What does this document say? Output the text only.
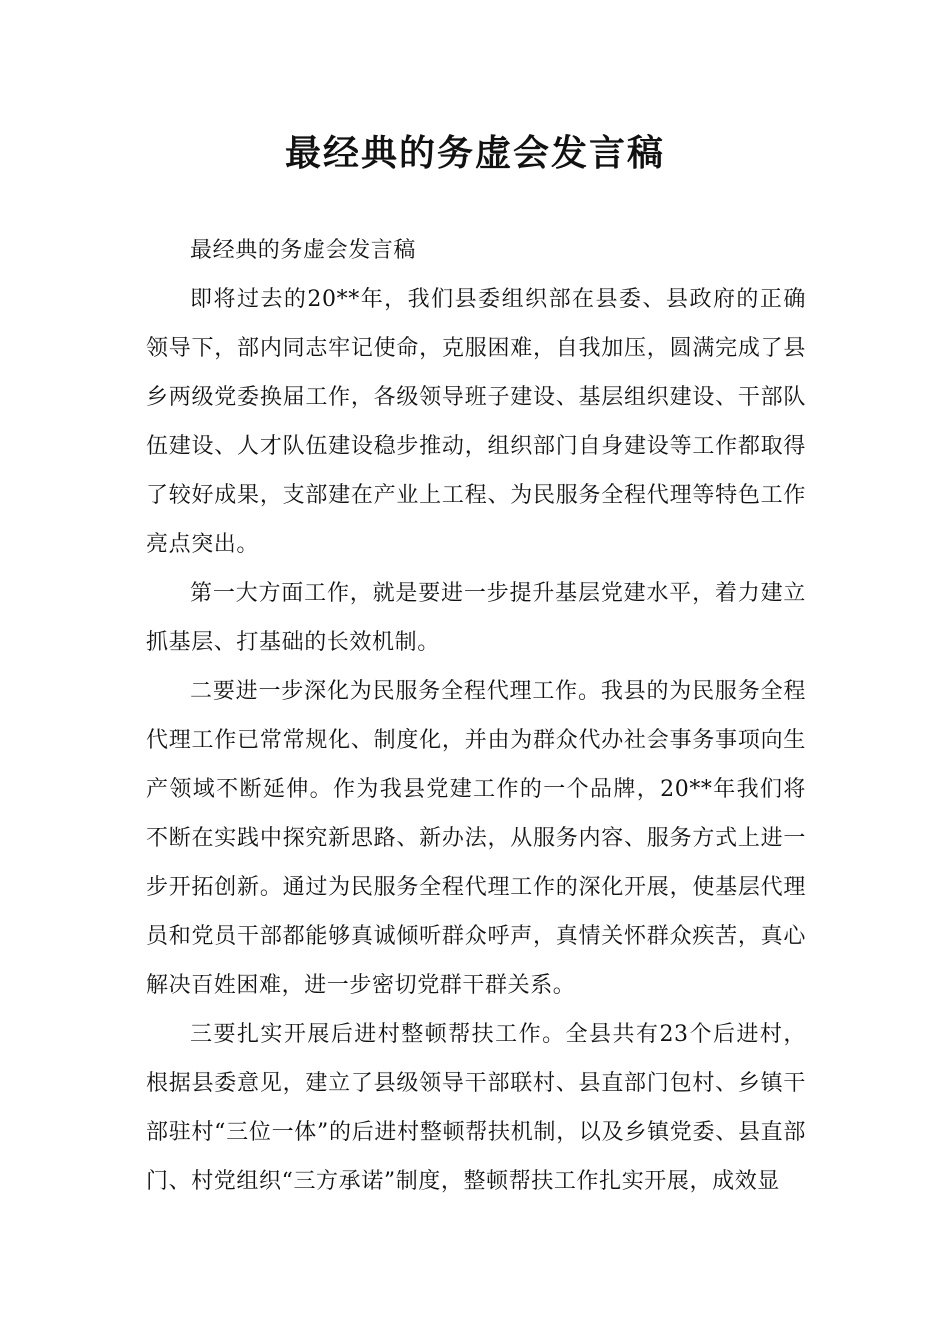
最经典的务虚会发言稿

最经典的务虚会发言稿

即将过去的20**年，我们县委组织部在县委、县政府的正确领导下，部内同志牢记使命，克服困难，自我加压，圆满完成了县乡两级党委换届工作，各级领导班子建设、基层组织建设、干部队伍建设、人才队伍建设稳步推动，组织部门自身建设等工作都取得了较好成果，支部建在产业上工程、为民服务全程代理等特色工作亮点突出。

第一大方面工作，就是要进一步提升基层党建水平，着力建立抓基层、打基础的长效机制。

二要进一步深化为民服务全程代理工作。我县的为民服务全程代理工作已常常规化、制度化，并由为群众代办社会事务事项向生产领域不断延伸。作为我县党建工作的一个品牌，20**年我们将不断在实践中探究新思路、新办法，从服务内容、服务方式上进一步开拓创新。通过为民服务全程代理工作的深化开展，使基层代理员和党员干部都能够真诚倾听群众呼声，真情关怀群众疾苦，真心解决百姓困难，进一步密切党群干群关系。

三要扎实开展后进村整顿帮扶工作。全县共有23个后进村，根据县委意见，建立了县级领导干部联村、县直部门包村、乡镇干部驻村“三位一体”的后进村整顿帮扶机制，以及乡镇党委、县直部门、村党组织“三方承诺”制度，整顿帮扶工作扎实开展，成效显
